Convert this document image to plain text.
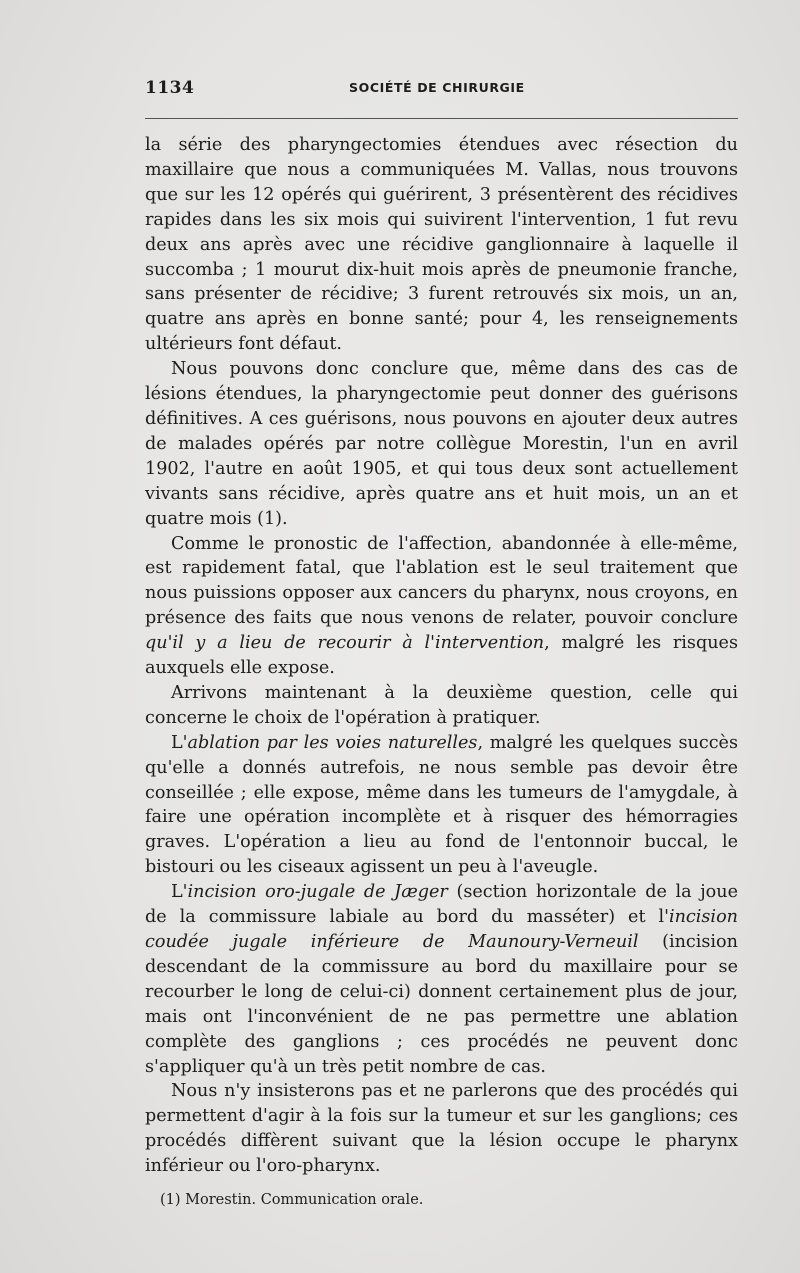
1134	SOCIÉTÉ DE CHIRURGIE

la série des pharyngectomies étendues avec résection du maxillaire que nous a communiquées M. Vallas, nous trouvons que sur les 12 opérés qui guérirent, 3 présentèrent des récidives rapides dans les six mois qui suivirent l'intervention, 1 fut revu deux ans après avec une récidive ganglionnaire à laquelle il succomba ; 1 mourut dix-huit mois après de pneumonie franche, sans présenter de récidive; 3 furent retrouvés six mois, un an, quatre ans après en bonne santé; pour 4, les renseignements ultérieurs font défaut.

Nous pouvons donc conclure que, même dans des cas de lésions étendues, la pharyngectomie peut donner des guérisons définitives. A ces guérisons, nous pouvons en ajouter deux autres de malades opérés par notre collègue Morestin, l'un en avril 1902, l'autre en août 1905, et qui tous deux sont actuellement vivants sans récidive, après quatre ans et huit mois, un an et quatre mois (1).

Comme le pronostic de l'affection, abandonnée à elle-même, est rapidement fatal, que l'ablation est le seul traitement que nous puissions opposer aux cancers du pharynx, nous croyons, en présence des faits que nous venons de relater, pouvoir conclure qu'il y a lieu de recourir à l'intervention, malgré les risques auxquels elle expose.

Arrivons maintenant à la deuxième question, celle qui concerne le choix de l'opération à pratiquer.

L'ablation par les voies naturelles, malgré les quelques succès qu'elle a donnés autrefois, ne nous semble pas devoir être conseillée ; elle expose, même dans les tumeurs de l'amygdale, à faire une opération incomplète et à risquer des hémorragies graves. L'opération a lieu au fond de l'entonnoir buccal, le bistouri ou les ciseaux agissent un peu à l'aveugle.

L'incision oro-jugale de Jæger (section horizontale de la joue de la commissure labiale au bord du masséter) et l'incision coudée jugale inférieure de Maunoury-Verneuil (incision descendant de la commissure au bord du maxillaire pour se recourber le long de celui-ci) donnent certainement plus de jour, mais ont l'inconvénient de ne pas permettre une ablation complète des ganglions ; ces procédés ne peuvent donc s'appliquer qu'à un très petit nombre de cas.

Nous n'y insisterons pas et ne parlerons que des procédés qui permettent d'agir à la fois sur la tumeur et sur les ganglions; ces procédés diffèrent suivant que la lésion occupe le pharynx inférieur ou l'oro-pharynx.

(1) Morestin. Communication orale.
